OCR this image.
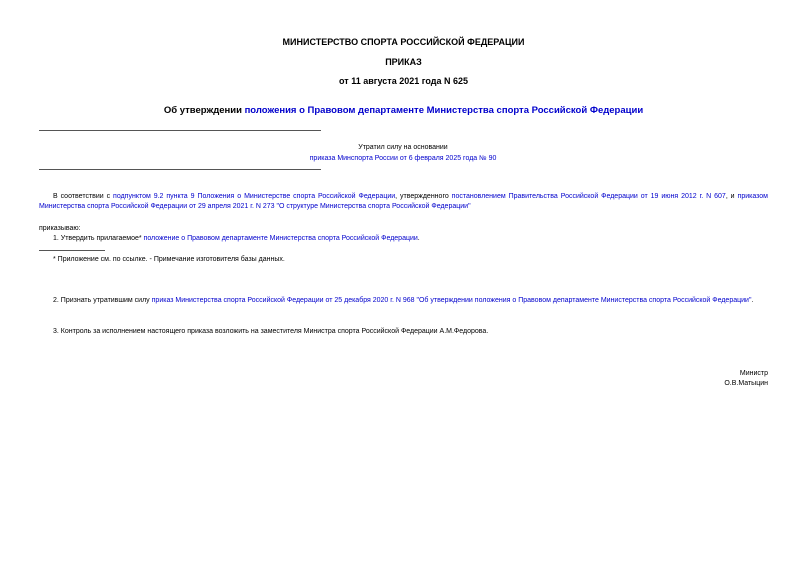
МИНИСТЕРСТВО СПОРТА РОССИЙСКОЙ ФЕДЕРАЦИИ
ПРИКАЗ
от 11 августа 2021 года N 625
Об утверждении положения о Правовом департаменте Министерства спорта Российской Федерации
Утратил силу на основании
приказа Минспорта России от 6 февраля 2025 года № 90
В соответствии с подпунктом 9.2 пункта 9 Положения о Министерстве спорта Российской Федерации, утвержденного постановлением Правительства Российской Федерации от 19 июня 2012 г. N 607, и приказом Министерства спорта Российской Федерации от 29 апреля 2021 г. N 273 "О структуре Министерства спорта Российской Федерации"
приказываю:
1. Утвердить прилагаемое* положение о Правовом департаменте Министерства спорта Российской Федерации.
* Приложение см. по ссылке. - Примечание изготовителя базы данных.
2. Признать утратившим силу приказ Министерства спорта Российской Федерации от 25 декабря 2020 г. N 968 "Об утверждении положения о Правовом департаменте Министерства спорта Российской Федерации".
3. Контроль за исполнением настоящего приказа возложить на заместителя Министра спорта Российской Федерации А.М.Федорова.
Министр
О.В.Матыцин
